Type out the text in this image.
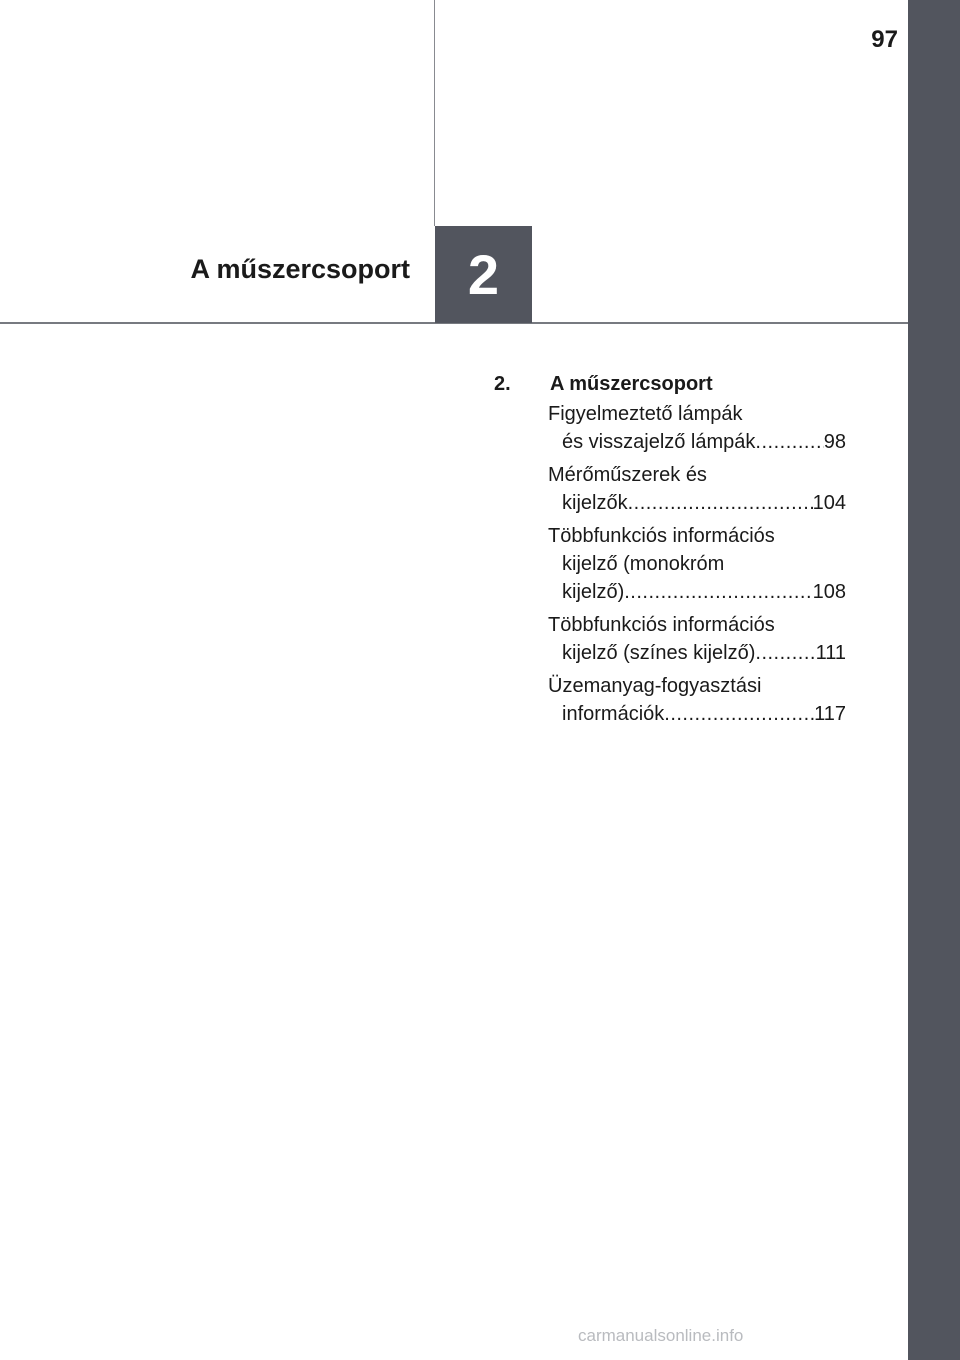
97
2
A műszercsoport
2. A műszercsoport
Figyelmeztető lámpák
és visszajelző lámpák .....	98
Mérőműszerek és
kijelzők .....	104
Többfunkciós információs
kijelző (monokróm
kijelző) .....	108
Többfunkciós információs
kijelző (színes kijelző) .....	111
Üzemanyag-fogyasztási
információk .....	117
carmanualsonline.info
